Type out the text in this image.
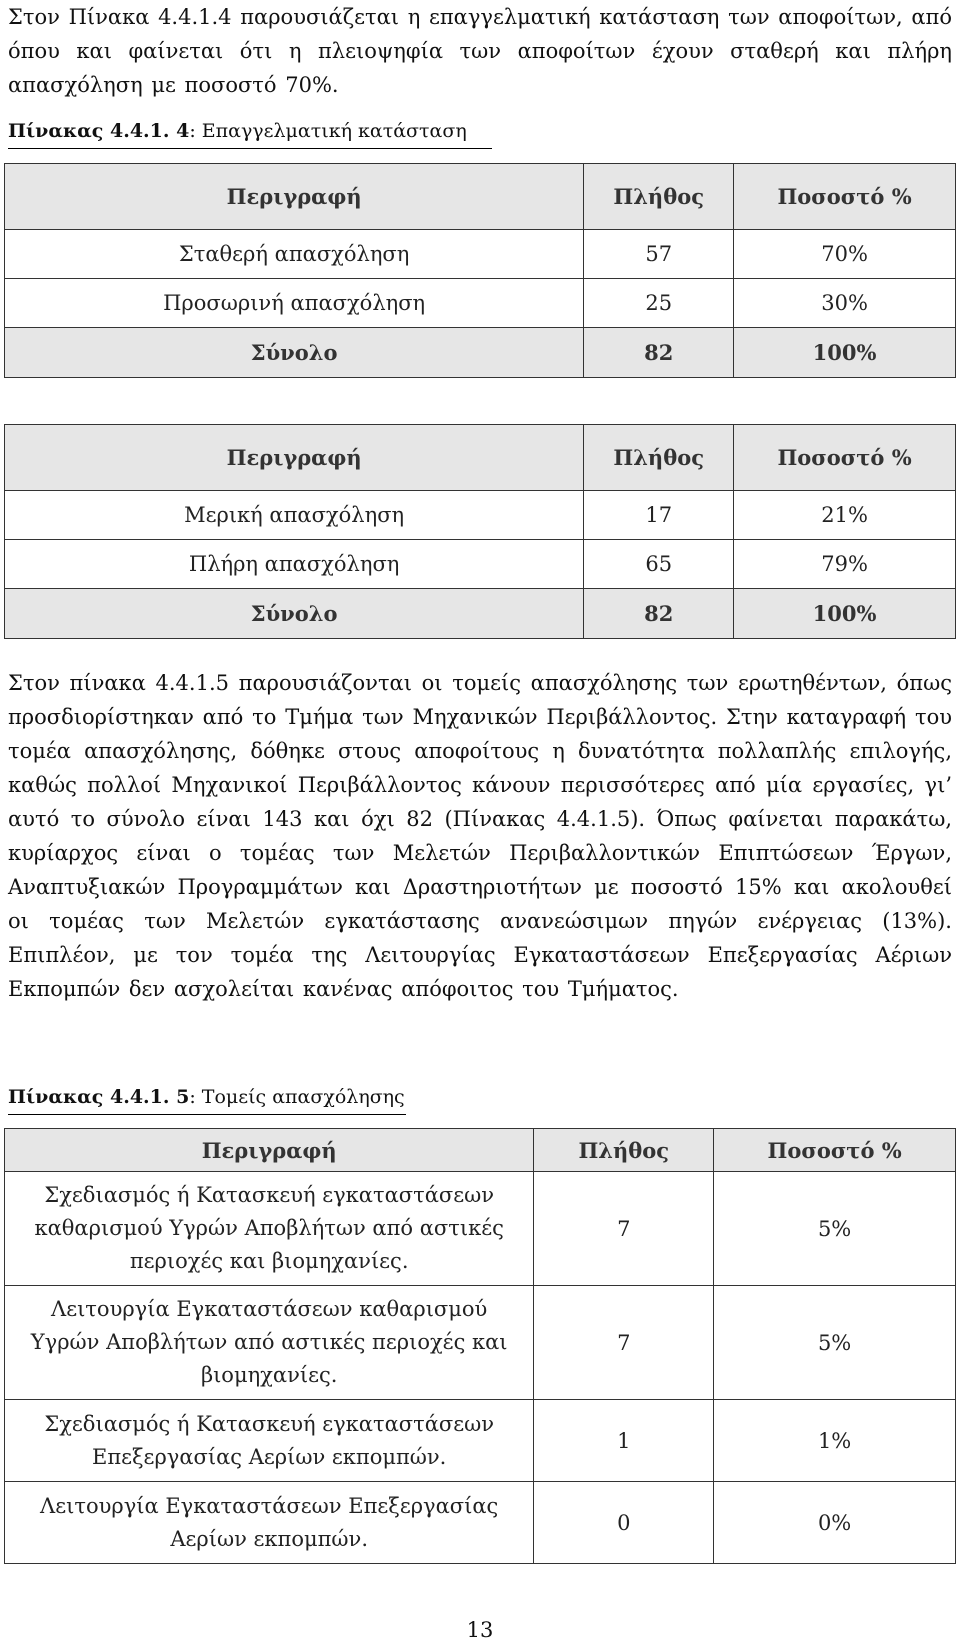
Στον Πίνακα 4.4.1.4 παρουσιάζεται η επαγγελματική κατάσταση των αποφοίτων, από όπου και φαίνεται ότι η πλειοψηφία των αποφοίτων έχουν σταθερή και πλήρη απασχόληση με ποσοστό 70%.

Πίνακας 4.4.1. 4: Επαγγελματική κατάσταση
Περιγραφή	Πλήθος	Ποσοστό %
Σταθερή απασχόληση	57	70%
Προσωρινή απασχόληση	25	30%
Σύνολο	82	100%
Περιγραφή	Πλήθος	Ποσοστό %
Μερική απασχόληση	17	21%
Πλήρη απασχόληση	65	79%
Σύνολο	82	100%

Στον πίνακα 4.4.1.5 παρουσιάζονται οι τομείς απασχόλησης των ερωτηθέντων, όπως προσδιορίστηκαν από το Τμήμα των Μηχανικών Περιβάλλοντος. Στην καταγραφή του τομέα απασχόλησης, δόθηκε στους αποφοίτους η δυνατότητα πολλαπλής επιλογής, καθώς πολλοί Μηχανικοί Περιβάλλοντος κάνουν περισσότερες από μία εργασίες, γι’ αυτό το σύνολο είναι 143 και όχι 82 (Πίνακας 4.4.1.5). Όπως φαίνεται παρακάτω, κυρίαρχος είναι ο τομέας των Μελετών Περιβαλλοντικών Επιπτώσεων Έργων, Αναπτυξιακών Προγραμμάτων και Δραστηριοτήτων με ποσοστό 15% και ακολουθεί οι τομέας των Μελετών εγκατάστασης ανανεώσιμων πηγών ενέργειας (13%). Επιπλέον, με τον τομέα της Λειτουργίας Εγκαταστάσεων Επεξεργασίας Αέριων Εκπομπών δεν ασχολείται κανένας απόφοιτος του Τμήματος.

Πίνακας 4.4.1. 5: Τομείς απασχόλησης
Περιγραφή	Πλήθος	Ποσοστό %
Σχεδιασμός ή Κατασκευή εγκαταστάσεων καθαρισμού Υγρών Αποβλήτων από αστικές περιοχές και βιομηχανίες.	7	5%
Λειτουργία Εγκαταστάσεων καθαρισμού Υγρών Αποβλήτων από αστικές περιοχές και βιομηχανίες.	7	5%
Σχεδιασμός ή Κατασκευή εγκαταστάσεων Επεξεργασίας Αερίων εκπομπών.	1	1%
Λειτουργία Εγκαταστάσεων Επεξεργασίας Αερίων εκπομπών.	0	0%
13
